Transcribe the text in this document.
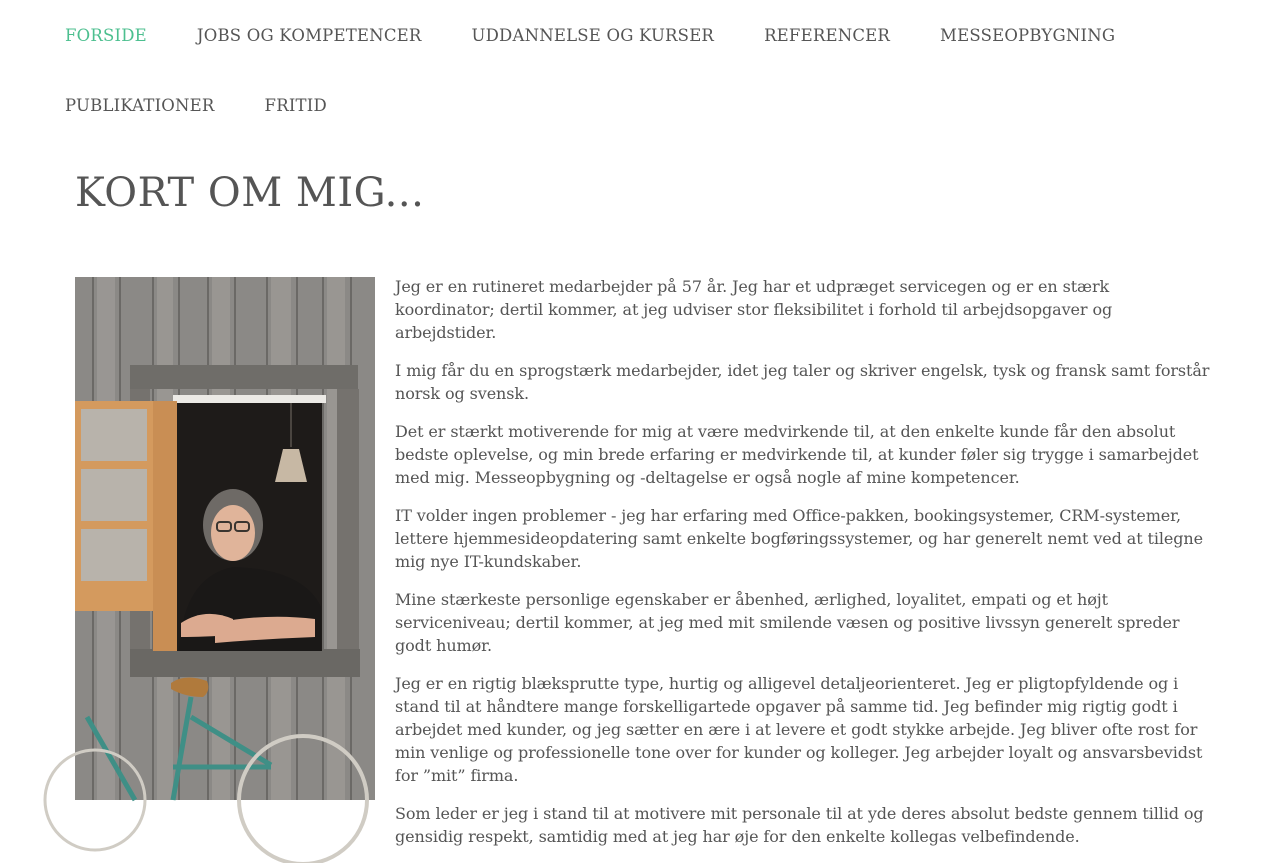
FORSIDE	JOBS OG KOMPETENCER	UDDANNELSE OG KURSER	REFERENCER	MESSEOPBYGNING
PUBLIKATIONER	FRITID
KORT OM MIG...

Jeg er en rutineret medarbejder på 57 år. Jeg har et udpræget servicegen og er en stærk koordinator; dertil kommer, at jeg udviser stor fleksibilitet i forhold til arbejdsopgaver og arbejdstider.

I mig får du en sprogstærk medarbejder, idet jeg taler og skriver engelsk, tysk og fransk samt forstår norsk og svensk.

Det er stærkt motiverende for mig at være medvirkende til, at den enkelte kunde får den absolut bedste oplevelse, og min brede erfaring er medvirkende til, at kunder føler sig trygge i samarbejdet med mig. Messeopbygning og -deltagelse er også nogle af mine kompetencer.

IT volder ingen problemer - jeg har erfaring med Office-pakken, bookingsystemer, CRM-systemer, lettere hjemmesideopdatering samt enkelte bogføringssystemer, og har generelt nemt ved at tilegne mig nye IT-kundskaber.

Mine stærkeste personlige egenskaber er åbenhed, ærlighed, loyalitet, empati og et højt serviceniveau; dertil kommer, at jeg med mit smilende væsen og positive livssyn generelt spreder godt humør.

Jeg er en rigtig blæksprutte type, hurtig og alligevel detaljeorienteret. Jeg er pligtopfyldende og i stand til at håndtere mange forskelligartede opgaver på samme tid. Jeg befinder mig rigtig godt i arbejdet med kunder, og jeg sætter en ære i at levere et godt stykke arbejde. Jeg bliver ofte rost for min venlige og professionelle tone over for kunder og kolleger. Jeg arbejder loyalt og ansvarsbevidst for ”mit” firma.

Som leder er jeg i stand til at motivere mit personale til at yde deres absolut bedste gennem tillid og gensidig respekt, samtidig med at jeg har øje for den enkelte kollegas velbefindende.
